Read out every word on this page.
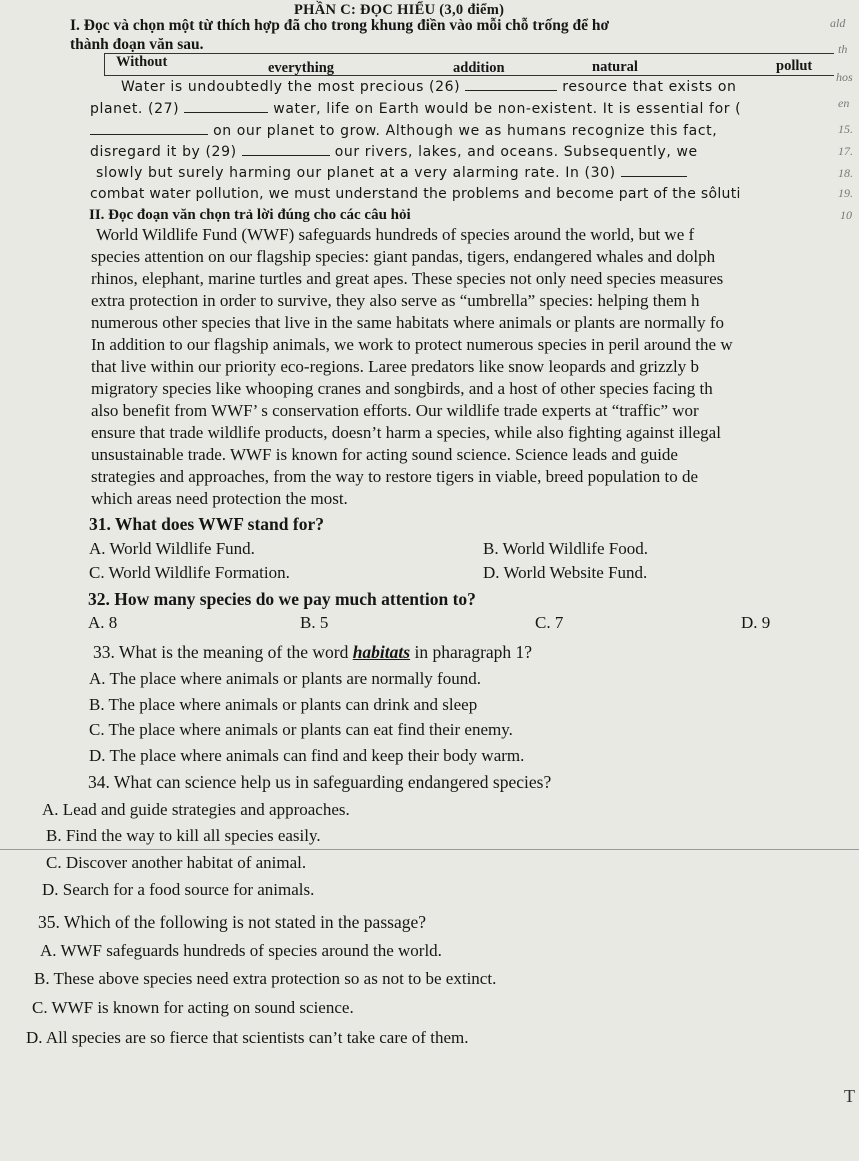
PHẦN C: ĐỌC HIỂU (3,0 điểm)
I. Đọc và chọn một từ thích hợp đã cho trong khung điền vào mỗi chỗ trống để hơ
thành đoạn văn sau.
Without	everything	addition	natural	pollut
Water is undoubtedly the most precious (26)	resource that exists on
planet. (27)	water, life on Earth would be non-existent. It is essential for (
on our planet to grow. Although we as humans recognize this fact,
disregard it by (29)	our rivers, lakes, and oceans. Subsequently, we
slowly but surely harming our planet at a very alarming rate. In (30)
combat water pollution, we must understand the problems and become part of the sôluti
II. Đọc đoạn văn chọn trả lời đúng cho các câu hỏi
World Wildlife Fund (WWF) safeguards hundreds of species around the world, but we f
species attention on our flagship species: giant pandas, tigers, endangered whales and dolph
rhinos, elephant, marine turtles and great apes. These species not only need species measures
extra protection in order to survive, they also serve as “umbrella” species: helping them h
numerous other species that live in the same habitats where animals or plants are normally fo
In addition to our flagship animals, we work to protect numerous species in peril around the w
that live within our priority eco-regions. Laree predators like snow leopards and grizzly b
migratory species like whooping cranes and songbirds, and a host of other species facing th
also benefit from WWF’ s conservation efforts. Our wildlife trade experts at “traffic” wor
ensure that trade wildlife products, doesn’t harm a species, while also fighting against illegal
unsustainable trade. WWF is known for acting sound science. Science leads and guide
strategies and approaches, from the way to restore tigers in viable, breed population to de
which areas need protection the most.
31. What does WWF stand for?
A. World Wildlife Fund.	B. World Wildlife Food.
C. World Wildlife Formation.	D. World Website Fund.
32. How many species do we pay much attention to?
A. 8	B. 5	C. 7	D. 9
33. What is the meaning of the word habitats in pharagraph 1?
A. The place where animals or plants are normally found.
B. The place where animals or plants can drink and sleep
C. The place where animals or plants can eat find their enemy.
D. The place where animals can find and keep their body warm.
34. What can science help us in safeguarding endangered species?
A. Lead and guide strategies and approaches.
B. Find the way to kill all species easily.
C. Discover another habitat of animal.
D. Search for a food source for animals.
35. Which of the following is not stated in the passage?
A. WWF safeguards hundreds of species around the world.
B. These above species need extra protection so as not to be extinct.
C. WWF is known for acting on sound science.
D. All species are so fierce that scientists can’t take care of them.
ald
th
hos
en
15.
17.
18.
19.
10
T
